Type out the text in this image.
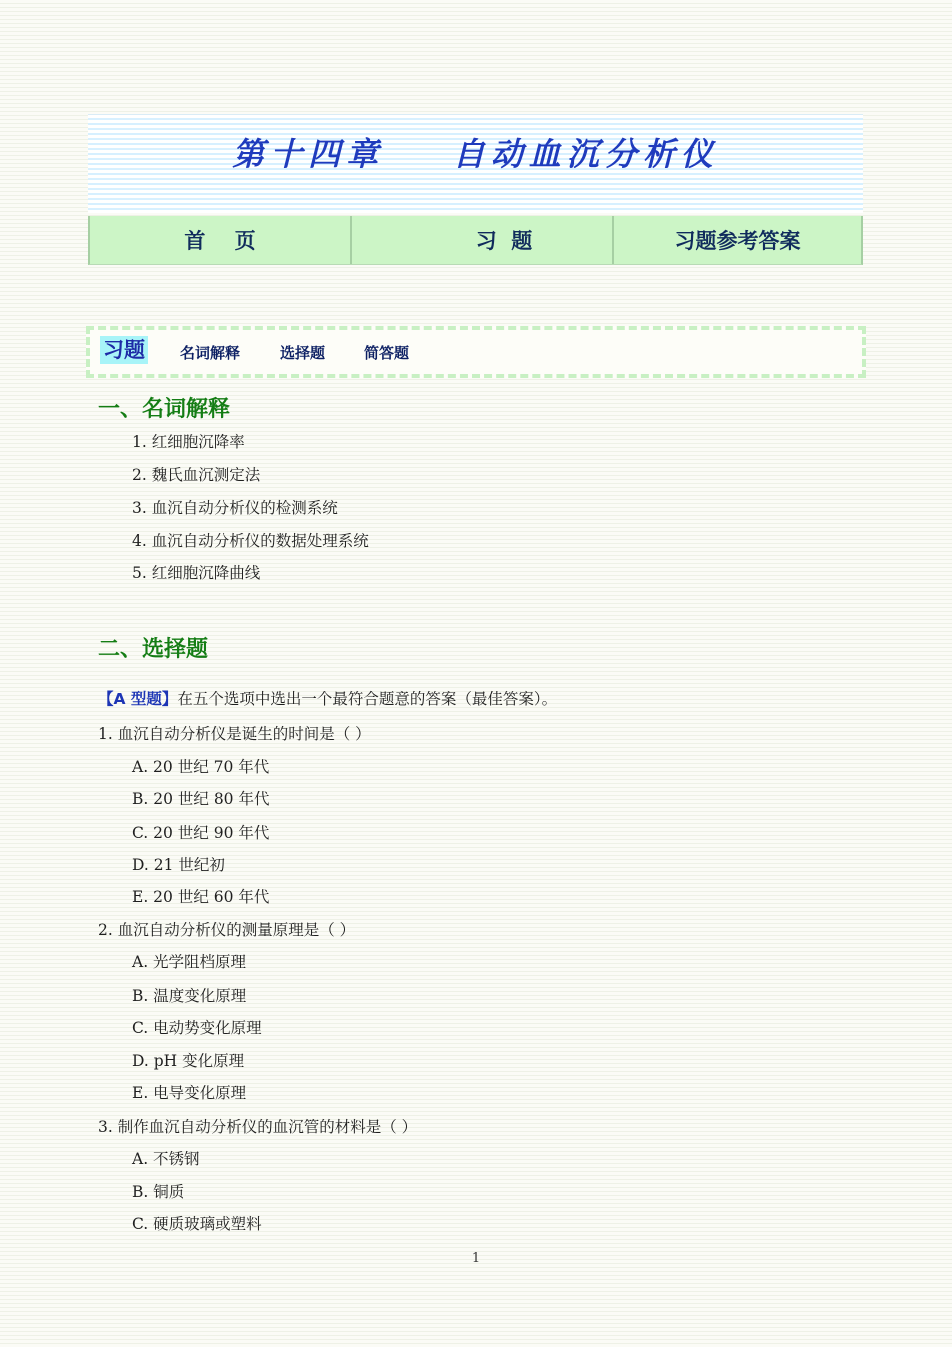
第十四章    自动血沉分析仪
首    页	习  题	习题参考答案
习题 名词解释	选择题	简答题
一、名词解释
1. 红细胞沉降率
2. 魏氏血沉测定法
3. 血沉自动分析仪的检测系统
4. 血沉自动分析仪的数据处理系统
5. 红细胞沉降曲线
二、选择题
【A 型题】在五个选项中选出一个最符合题意的答案（最佳答案）。
1. 血沉自动分析仪是诞生的时间是（ ）
A. 20 世纪 70 年代
B. 20 世纪 80 年代
C. 20 世纪 90 年代
D. 21 世纪初
E. 20 世纪 60 年代
2. 血沉自动分析仪的测量原理是（ ）
A. 光学阻档原理
B. 温度变化原理
C. 电动势变化原理
D. pH 变化原理
E. 电导变化原理
3. 制作血沉自动分析仪的血沉管的材料是（ ）
A. 不锈钢
B. 铜质
C. 硬质玻璃或塑料
1
